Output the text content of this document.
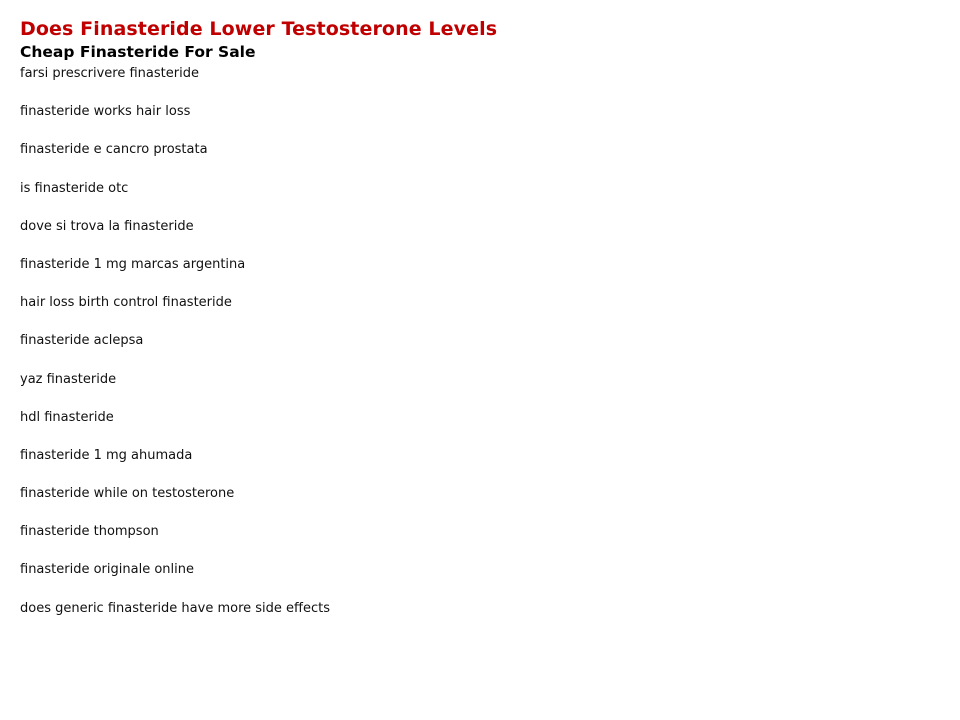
Does Finasteride Lower Testosterone Levels
Cheap Finasteride For Sale
farsi prescrivere finasteride
finasteride works hair loss
finasteride e cancro prostata
is finasteride otc
dove si trova la finasteride
finasteride 1 mg marcas argentina
hair loss birth control finasteride
finasteride aclepsa
yaz finasteride
hdl finasteride
finasteride 1 mg ahumada
finasteride while on testosterone
finasteride thompson
finasteride originale online
does generic finasteride have more side effects
